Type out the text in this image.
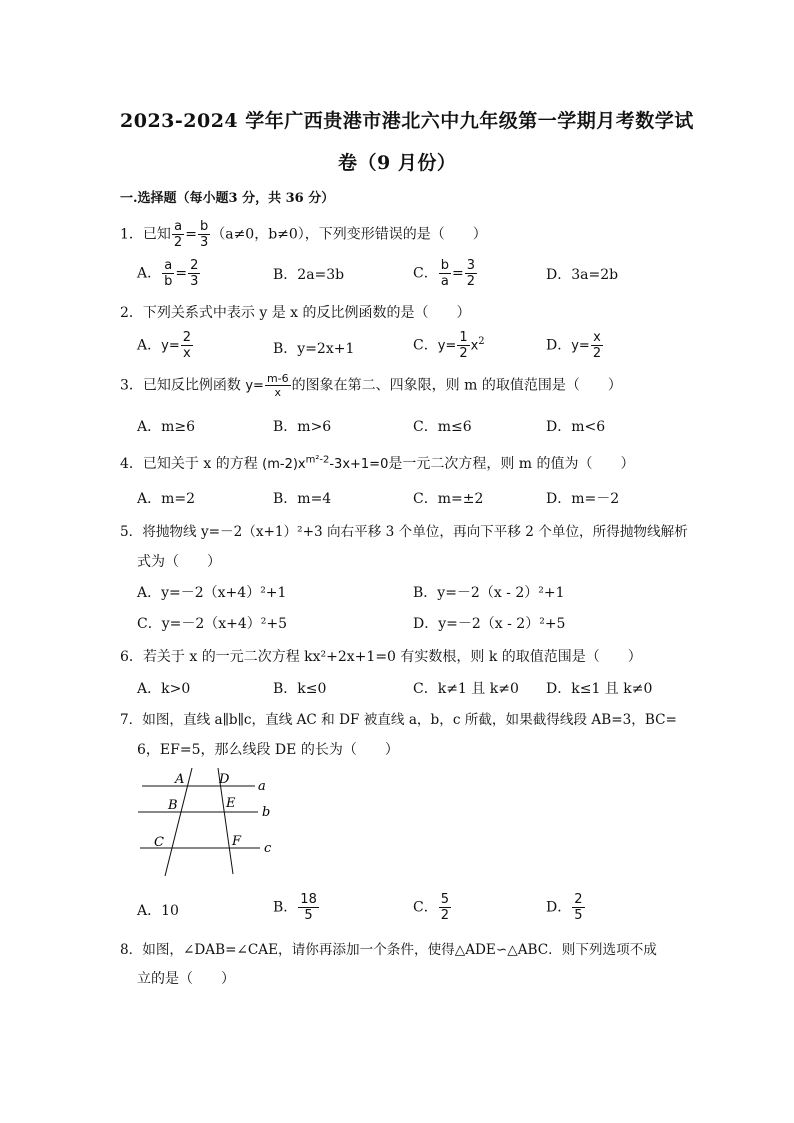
2023-2024 学年广西贵港市港北六中九年级第一学期月考数学试
卷（9 月份）
一.选择题（每小题3 分，共 36 分）
1．已知 $\frac{a}{2} = \frac{b}{3} (a\ne 0$，b≠0），下列变形错误的是（　　）
A． $\frac{a}{b} = \frac{2}{3}$	B．2a=3b	C． $\frac{b}{a} = \frac{3}{2}$	D．3a=2b
2．下列关系式中表示 y 是 x 的反比例函数的是（　　）
A．$y= \frac{2}{x}$	B．y=2x+1	C．$y= \frac{1}{2} x^2$	D．$y= \frac{x}{2}$
3．已知反比例函数 $y= \frac{m-6}{x}$ 的图象在第二、四象限，则 m 的取值范围是（　　）
A．m≥6	B．m>6	C．m≤6	D．m<6
4．已知关于 x 的方程 $(m-2)x^{m^2-2}-3x+1=0$是一元二次方程，则 m 的值为（　　）
A．m=2	B．m=4	C．m=±2	D．m=－2
5．将抛物线 y=－2（x+1）²+3 向右平移 3 个单位，再向下平移 2 个单位，所得抛物线解析
式为（　　）
A．y=－2（x+4）²+1	B．y=－2（x - 2）²+1
C．y=－2（x+4）²+5	D．y=－2（x - 2）²+5
6．若关于 x 的一元二次方程 kx²+2x+1=0 有实数根，则 k 的取值范围是（　　）
A．k>0	B．k≤0	C．k≠1 且 k≠0 D．k≤1 且 k≠0
7．如图，直线 a∥b∥c，直线 AC 和 DF 被直线 a，b，c 所截，如果截得线段 AB=3，BC=
6，EF=5，那么线段 DE 的长为（　　）
A	D a
B	E
b
C	F c
A．10	B． $\frac{18}{5}$	C． $\frac{5}{2}$	D． $\frac{2}{5}$
8．如图，∠DAB=∠CAE，请你再添加一个条件，使得△ADE∽△ABC．则下列选项不成
立的是（　　）
